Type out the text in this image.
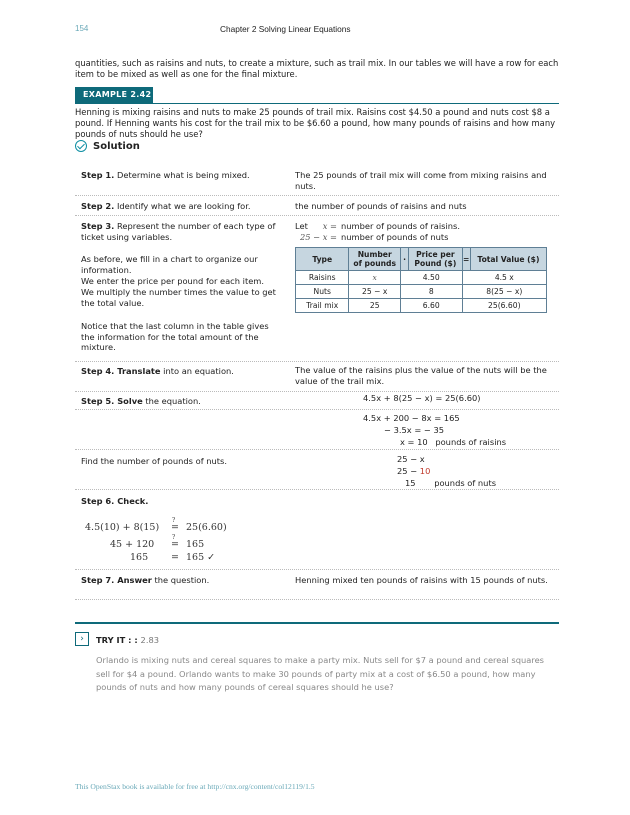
154	Chapter 2 Solving Linear Equations
quantities, such as raisins and nuts, to create a mixture, such as trail mix. In our tables we will have a row for each item to be mixed as well as one for the final mixture.
EXAMPLE 2.42
Henning is mixing raisins and nuts to make 25 pounds of trail mix. Raisins cost $4.50 a pound and nuts cost $8 a pound. If Henning wants his cost for the trail mix to be $6.60 a pound, how many pounds of raisins and how many pounds of nuts should he use?
Solution
Step 1. Determine what is being mixed.	The 25 pounds of trail mix will come from mixing raisins and nuts.
Step 2. Identify what we are looking for.	the number of pounds of raisins and nuts
Step 3. Represent the number of each type of ticket using variables.
As before, we fill in a chart to organize our information.
We enter the price per pound for each item.
We multiply the number times the value to get the total value.
Notice that the last column in the table gives the information for the total amount of the mixture.
Let	x = number of pounds of raisins.
25 − x = number of pounds of nuts
Type	Number of pounds	·	Price per Pound ($)	=	Total Value ($)
Raisins	x	4.50		4.5 x	
Nuts	25 − x	8		8(25 − x)	
Trail mix	25	6.60		25(6.60)	
Step 4. Translate into an equation.	The value of the raisins plus the value of the nuts will be the value of the trail mix.
Step 5. Solve the equation.	4.5x + 8(25 − x) = 25(6.60)
4.5x + 200 − 8x = 165
− 3.5x = − 35
x = 10 pounds of raisins
Find the number of pounds of nuts.	25 − x
25 − 10
15 pounds of nuts
Step 6. Check.
4.5(10) + 8(15)
?
= 25(6.60)
45 + 120
?
= 165
165 = 165 ✓
Step 7. Answer the question.	Henning mixed ten pounds of raisins with 15 pounds of nuts.
›	TRY IT : : 2.83
Orlando is mixing nuts and cereal squares to make a party mix. Nuts sell for $7 a pound and cereal squares sell for $4 a pound. Orlando wants to make 30 pounds of party mix at a cost of $6.50 a pound, how many pounds of nuts and how many pounds of cereal squares should he use?
This OpenStax book is available for free at http://cnx.org/content/col12119/1.5
